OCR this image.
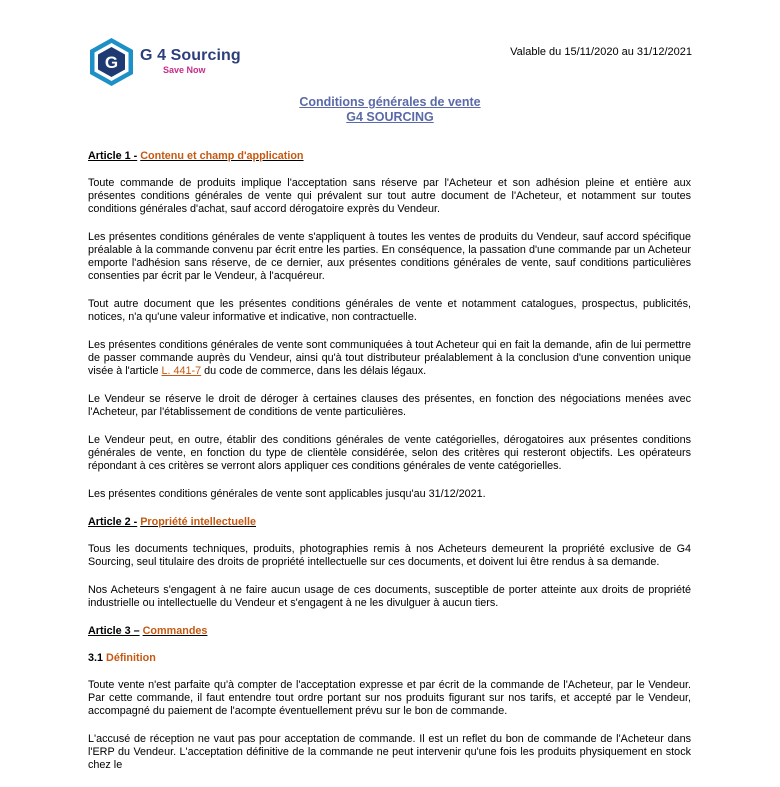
G G 4 Sourcing
Save Now
Valable du 15/11/2020 au 31/12/2021
Conditions générales de vente
G4 SOURCING
Article 1 - Contenu et champ d'application

Toute commande de produits implique l'acceptation sans réserve par l'Acheteur et son adhésion pleine et entière aux présentes conditions générales de vente qui prévalent sur tout autre document de l'Acheteur, et notamment sur toutes conditions générales d'achat, sauf accord dérogatoire exprès du Vendeur.

Les présentes conditions générales de vente s'appliquent à toutes les ventes de produits du Vendeur, sauf accord spécifique préalable à la commande convenu par écrit entre les parties. En conséquence, la passation d'une commande par un Acheteur emporte l'adhésion sans réserve, de ce dernier, aux présentes conditions générales de vente, sauf conditions particulières consenties par écrit par le Vendeur, à l'acquéreur.

Tout autre document que les présentes conditions générales de vente et notamment catalogues, prospectus, publicités, notices, n'a qu'une valeur informative et indicative, non contractuelle.

Les présentes conditions générales de vente sont communiquées à tout Acheteur qui en fait la demande, afin de lui permettre de passer commande auprès du Vendeur, ainsi qu'à tout distributeur préalablement à la conclusion d'une convention unique visée à l'article L. 441-7 du code de commerce, dans les délais légaux.

Le Vendeur se réserve le droit de déroger à certaines clauses des présentes, en fonction des négociations menées avec l'Acheteur, par l'établissement de conditions de vente particulières.

Le Vendeur peut, en outre, établir des conditions générales de vente catégorielles, dérogatoires aux présentes conditions générales de vente, en fonction du type de clientèle considérée, selon des critères qui resteront objectifs. Les opérateurs répondant à ces critères se verront alors appliquer ces conditions générales de vente catégorielles.

Les présentes conditions générales de vente sont applicables jusqu'au 31/12/2021.

Article 2 - Propriété intellectuelle

Tous les documents techniques, produits, photographies remis à nos Acheteurs demeurent la propriété exclusive de G4 Sourcing, seul titulaire des droits de propriété intellectuelle sur ces documents, et doivent lui être rendus à sa demande.

Nos Acheteurs s'engagent à ne faire aucun usage de ces documents, susceptible de porter atteinte aux droits de propriété industrielle ou intellectuelle du Vendeur et s'engagent à ne les divulguer à aucun tiers.

Article 3 – Commandes
3.1 Définition

Toute vente n'est parfaite qu'à compter de l'acceptation expresse et par écrit de la commande de l'Acheteur, par le Vendeur. Par cette commande, il faut entendre tout ordre portant sur nos produits figurant sur nos tarifs, et accepté par le Vendeur, accompagné du paiement de l'acompte éventuellement prévu sur le bon de commande.

L'accusé de réception ne vaut pas pour acceptation de commande. Il est un reflet du bon de commande de l'Acheteur dans l'ERP du Vendeur. L'acceptation définitive de la commande ne peut intervenir qu'une fois les produits physiquement en stock chez le
